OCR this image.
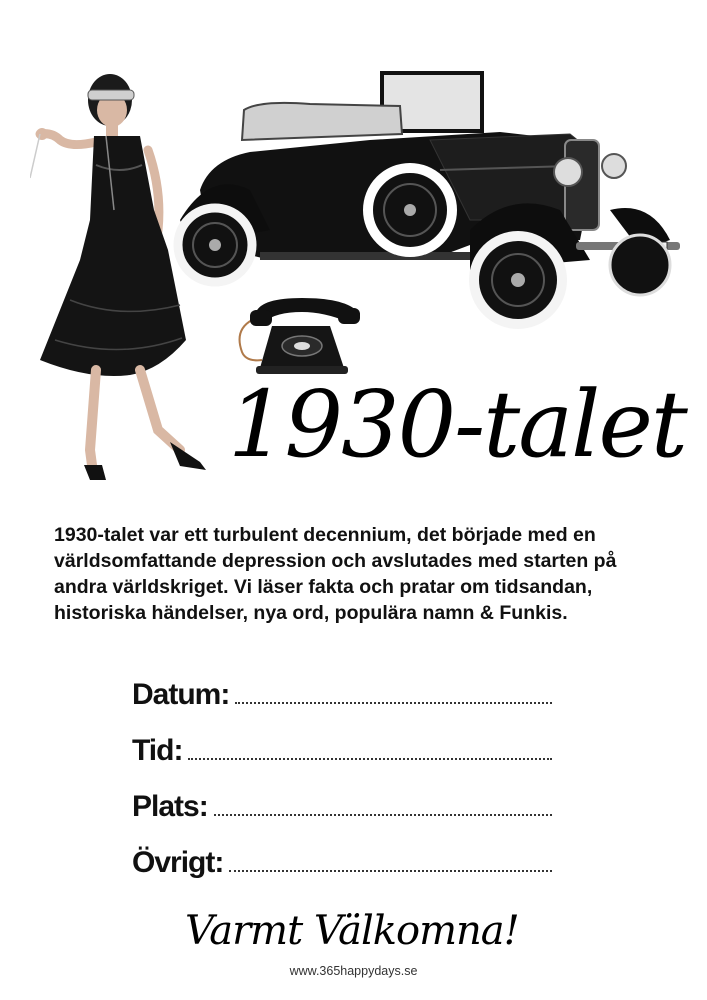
1930-talet

1930-talet var ett turbulent decennium, det började med en världsomfattande depression och avslutades med starten på andra världskriget. Vi läser fakta och pratar om tidsandan, historiska händelser, nya ord, populära namn & Funkis.

Datum:
Tid:
Plats:
Övrigt:
Varmt Välkomna!
www.365happydays.se
